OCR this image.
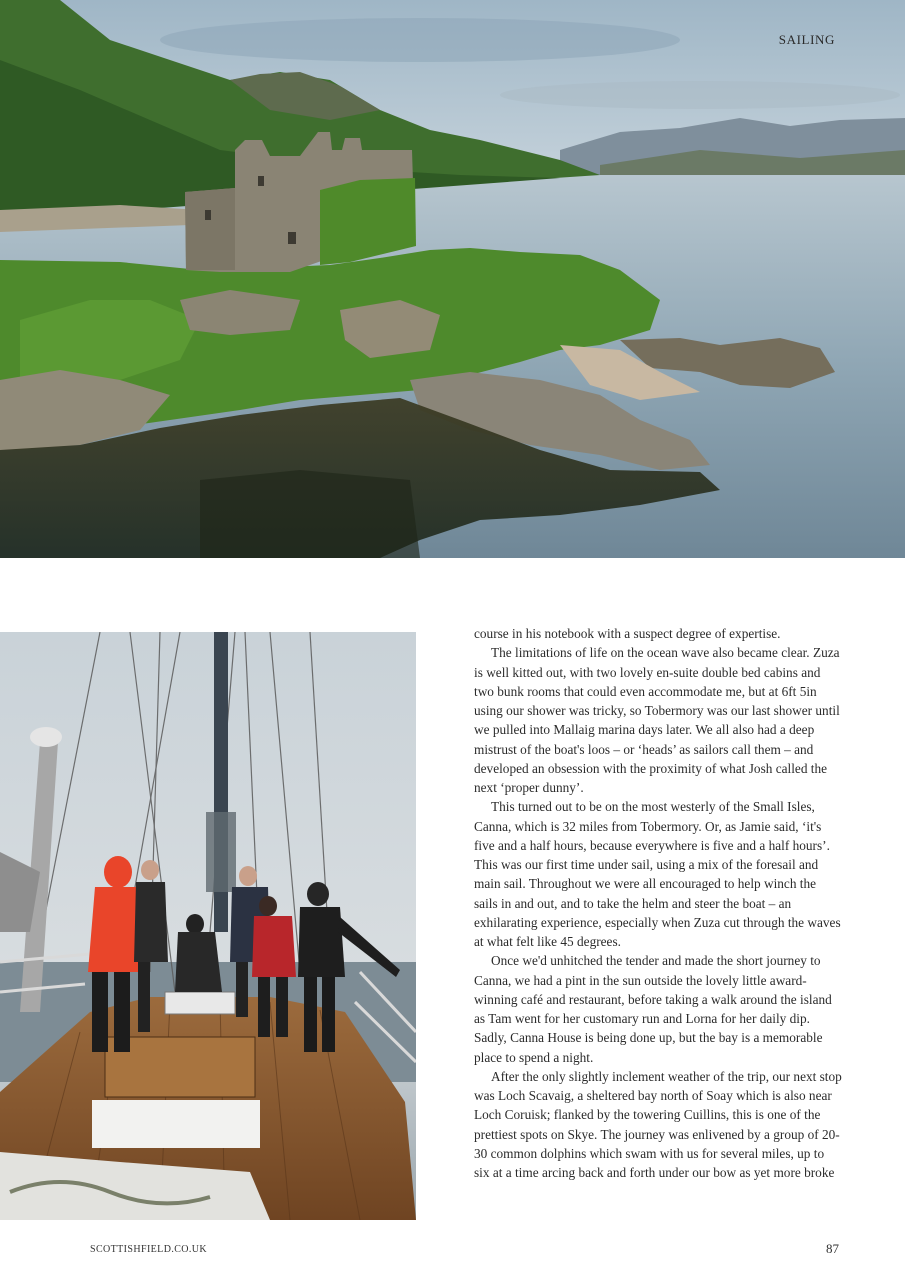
SAILING

course in his notebook with a suspect degree of expertise.

The limitations of life on the ocean wave also became clear. Zuza is well kitted out, with two lovely en-suite double bed cabins and two bunk rooms that could even accommodate me, but at 6ft 5in using our shower was tricky, so Tobermory was our last shower until we pulled into Mallaig marina days later. We all also had a deep mistrust of the boat's loos – or ‘heads’ as sailors call them – and developed an obsession with the proximity of what Josh called the next ‘proper dunny’.

This turned out to be on the most westerly of the Small Isles, Canna, which is 32 miles from Tobermory. Or, as Jamie said, ‘it's five and a half hours, because everywhere is five and a half hours’. This was our first time under sail, using a mix of the foresail and main sail. Throughout we were all encouraged to help winch the sails in and out, and to take the helm and steer the boat – an exhilarating experience, especially when Zuza cut through the waves at what felt like 45 degrees.

Once we'd unhitched the tender and made the short journey to Canna, we had a pint in the sun outside the lovely little award-winning café and restaurant, before taking a walk around the island as Tam went for her customary run and Lorna for her daily dip. Sadly, Canna House is being done up, but the bay is a memorable place to spend a night.

After the only slightly inclement weather of the trip, our next stop was Loch Scavaig, a sheltered bay north of Soay which is also near Loch Coruisk; flanked by the towering Cuillins, this is one of the prettiest spots on Skye. The journey was enlivened by a group of 20-30 common dolphins which swam with us for several miles, up to six at a time arcing back and forth under our bow as yet more broke

SCOTTISHFIELD.CO.UK	87
